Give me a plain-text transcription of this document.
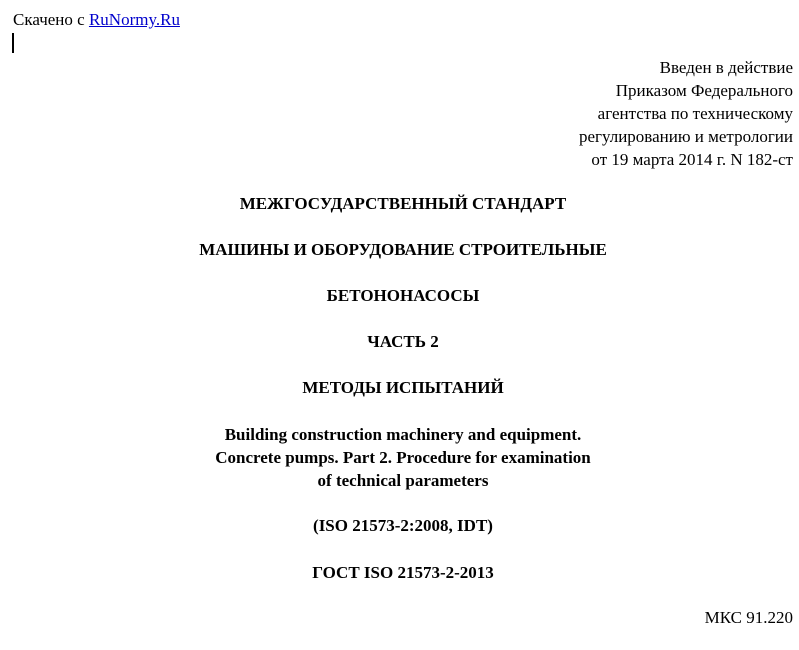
Скачено с RuNormy.Ru
Введен в действие
Приказом Федерального
агентства по техническому
регулированию и метрологии
от 19 марта 2014 г. N 182-ст
МЕЖГОСУДАРСТВЕННЫЙ СТАНДАРТ
МАШИНЫ И ОБОРУДОВАНИЕ СТРОИТЕЛЬНЫЕ
БЕТОНОНАСОСЫ
ЧАСТЬ 2
МЕТОДЫ ИСПЫТАНИЙ
Building construction machinery and equipment.
Concrete pumps. Part 2. Procedure for examination
of technical parameters
(ISO 21573-2:2008, IDT)
ГОСТ ISO 21573-2-2013
МКС 91.220
